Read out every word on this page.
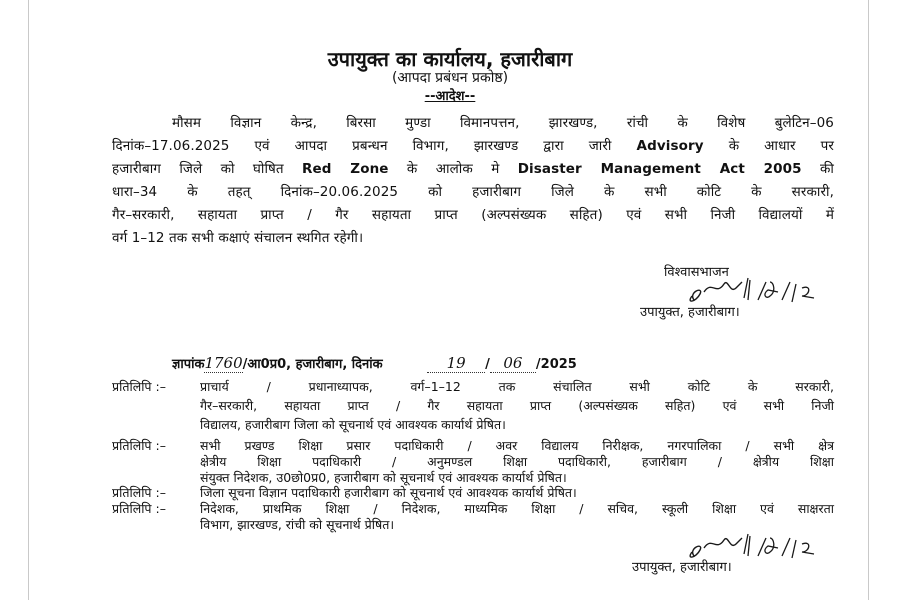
उपायुक्त का कार्यालय, हजारीबाग
(आपदा प्रबंधन प्रकोष्ठ)
--आदेश--
मौसम विज्ञान केन्द्र, बिरसा मुण्डा विमानपत्तन, झारखण्ड, रांची के विशेष बुलेटिन–06
दिनांक–17.06.2025 एवं आपदा प्रबन्धन विभाग, झारखण्ड द्वारा जारी Advisory के आधार पर
हजारीबाग जिले को घोषित Red Zone के आलोक मे Disaster Management Act 2005 की
धारा–34 के तहत् दिनांक–20.06.2025 को हजारीबाग जिले के सभी कोटि के सरकारी,
गैर–सरकारी, सहायता प्राप्त / गैर सहायता प्राप्त (अल्पसंख्यक सहित) एवं सभी निजी विद्यालयों में
वर्ग 1–12 तक सभी कक्षाएं संचालन स्थगित रहेगी।
विश्वासभाजन
उपायुक्त, हजारीबाग।
ज्ञापांक1760/आ0प्र0, हजारीबाग, दिनांक	19 / 06 /2025
प्रतिलिपि :–	प्राचार्य / प्रधानाध्यापक, वर्ग–1–12 तक संचालित सभी कोटि के सरकारी,
गैर–सरकारी, सहायता प्राप्त / गैर सहायता प्राप्त (अल्पसंख्यक सहित) एवं सभी निजी
विद्यालय, हजारीबाग जिला को सूचनार्थ एवं आवश्यक कार्यार्थ प्रेषित।
प्रतिलिपि :–	सभी प्रखण्ड शिक्षा प्रसार पदाधिकारी / अवर विद्यालय निरीक्षक, नगरपालिका / सभी क्षेत्र
क्षेत्रीय शिक्षा पदाधिकारी / अनुमण्डल शिक्षा पदाधिकारी, हजारीबाग / क्षेत्रीय शिक्षा
संयुक्त निदेशक, उ0छो0प्र0, हजारीबाग को सूचनार्थ एवं आवश्यक कार्यार्थ प्रेषित।
प्रतिलिपि :–	जिला सूचना विज्ञान पदाधिकारी हजारीबाग को सूचनार्थ एवं आवश्यक कार्यार्थ प्रेषित।
प्रतिलिपि :–	निदेशक, प्राथमिक शिक्षा / निदेशक, माध्यमिक शिक्षा / सचिव, स्कूली शिक्षा एवं साक्षरता
विभाग, झारखण्ड, रांची को सूचनार्थ प्रेषित।
उपायुक्त, हजारीबाग।
